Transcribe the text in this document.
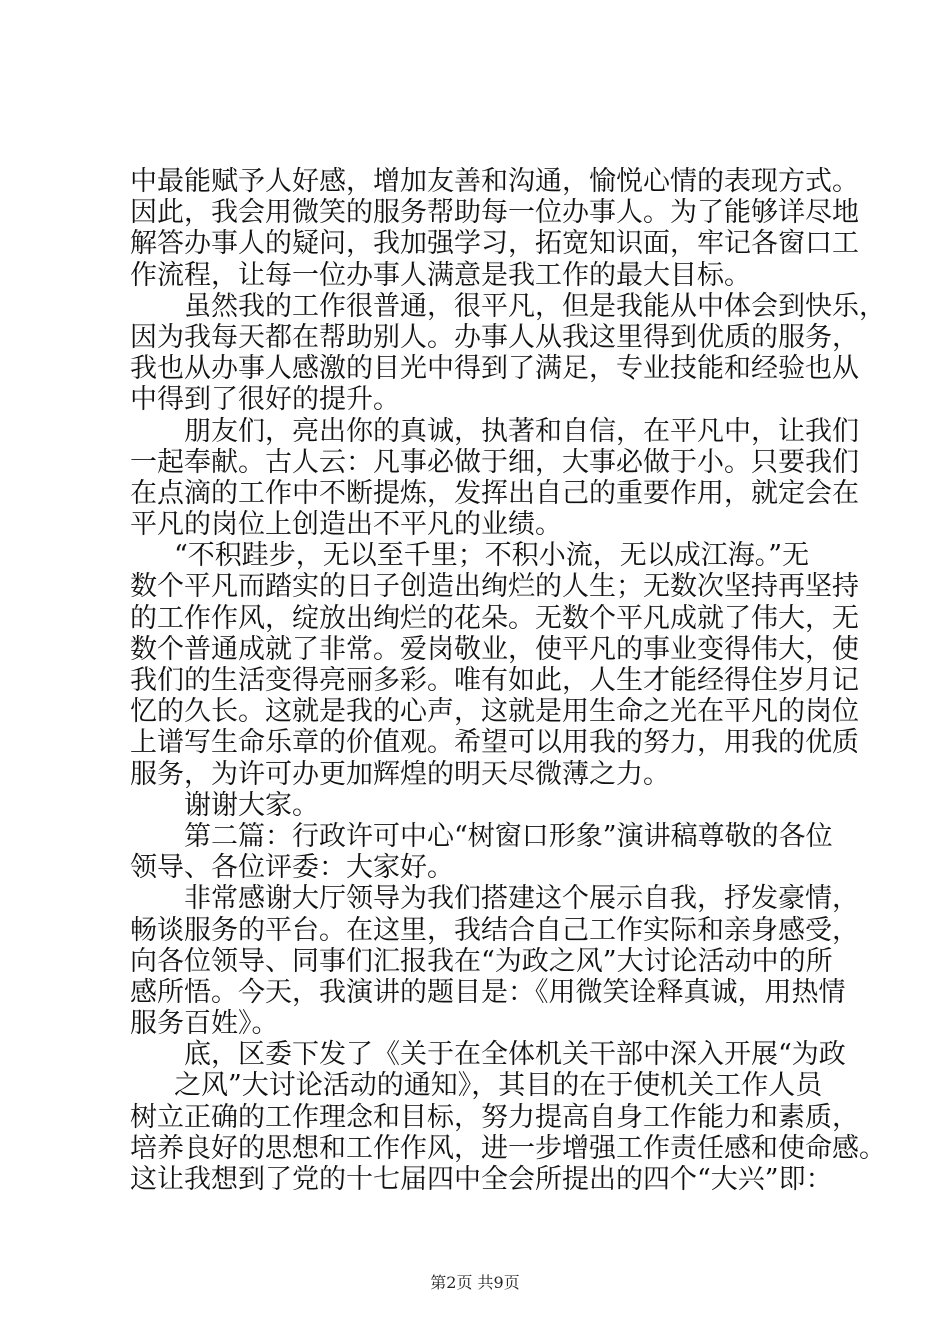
中最能赋予人好感，增加友善和沟通，愉悦心情的表现方式。
因此，我会用微笑的服务帮助每一位办事人。为了能够详尽地
解答办事人的疑问，我加强学习，拓宽知识面，牢记各窗口工
作流程，让每一位办事人满意是我工作的最大目标。
虽然我的工作很普通，很平凡，但是我能从中体会到快乐，
因为我每天都在帮助别人。办事人从我这里得到优质的服务，
我也从办事人感激的目光中得到了满足，专业技能和经验也从
中得到了很好的提升。
朋友们，亮出你的真诚，执著和自信，在平凡中，让我们
一起奉献。古人云：凡事必做于细，大事必做于小。只要我们
在点滴的工作中不断提炼，发挥出自己的重要作用，就定会在
平凡的岗位上创造出不平凡的业绩。
“不积跬步，无以至千里；不积小流，无以成江海。”无
数个平凡而踏实的日子创造出绚烂的人生；无数次坚持再坚持
的工作作风，绽放出绚烂的花朵。无数个平凡成就了伟大，无
数个普通成就了非常。爱岗敬业，使平凡的事业变得伟大，使
我们的生活变得亮丽多彩。唯有如此，人生才能经得住岁月记
忆的久长。这就是我的心声，这就是用生命之光在平凡的岗位
上谱写生命乐章的价值观。希望可以用我的努力，用我的优质
服务，为许可办更加辉煌的明天尽微薄之力。
谢谢大家。
第二篇：行政许可中心“树窗口形象”演讲稿尊敬的各位
领导、各位评委：大家好。
非常感谢大厅领导为我们搭建这个展示自我，抒发豪情，
畅谈服务的平台。在这里，我结合自己工作实际和亲身感受，
向各位领导、同事们汇报我在“为政之风”大讨论活动中的所
感所悟。今天，我演讲的题目是：《用微笑诠释真诚，用热情
服务百姓》。
底，区委下发了《关于在全体机关干部中深入开展“为政
之风”大讨论活动的通知》，其目的在于使机关工作人员
树立正确的工作理念和目标，努力提高自身工作能力和素质，
培养良好的思想和工作作风，进一步增强工作责任感和使命感。
这让我想到了党的十七届四中全会所提出的四个“大兴”即：
第2页 共9页
